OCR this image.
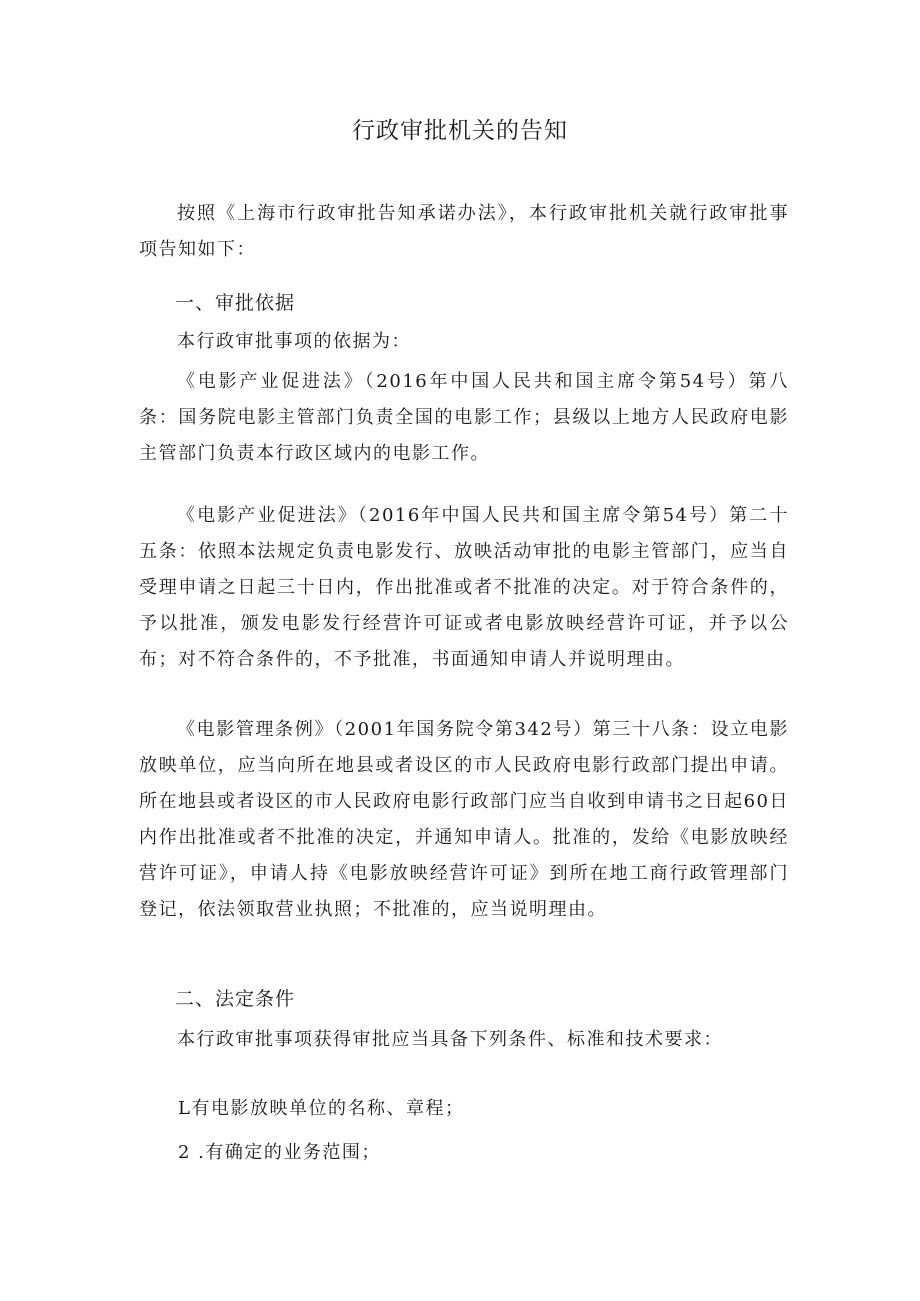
行政审批机关的告知

按照《上海市行政审批告知承诺办法》，本行政审批机关就行政审批事项告知如下：

一、审批依据

本行政审批事项的依据为：

《电影产业促进法》（2016年中国人民共和国主席令第54号）第八条：国务院电影主管部门负责全国的电影工作；县级以上地方人民政府电影主管部门负责本行政区域内的电影工作。

《电影产业促进法》（2016年中国人民共和国主席令第54号）第二十五条：依照本法规定负责电影发行、放映活动审批的电影主管部门，应当自受理申请之日起三十日内，作出批准或者不批准的决定。对于符合条件的，予以批准，颁发电影发行经营许可证或者电影放映经营许可证，并予以公布；对不符合条件的，不予批准，书面通知申请人并说明理由。

《电影管理条例》（2001年国务院令第342号）第三十八条：设立电影放映单位，应当向所在地县或者设区的市人民政府电影行政部门提出申请。所在地县或者设区的市人民政府电影行政部门应当自收到申请书之日起60日内作出批准或者不批准的决定，并通知申请人。批准的，发给《电影放映经营许可证》，申请人持《电影放映经营许可证》到所在地工商行政管理部门登记，依法领取营业执照；不批准的，应当说明理由。

二、法定条件

本行政审批事项获得审批应当具备下列条件、标准和技术要求：

L有电影放映单位的名称、章程；

2 .有确定的业务范围；
